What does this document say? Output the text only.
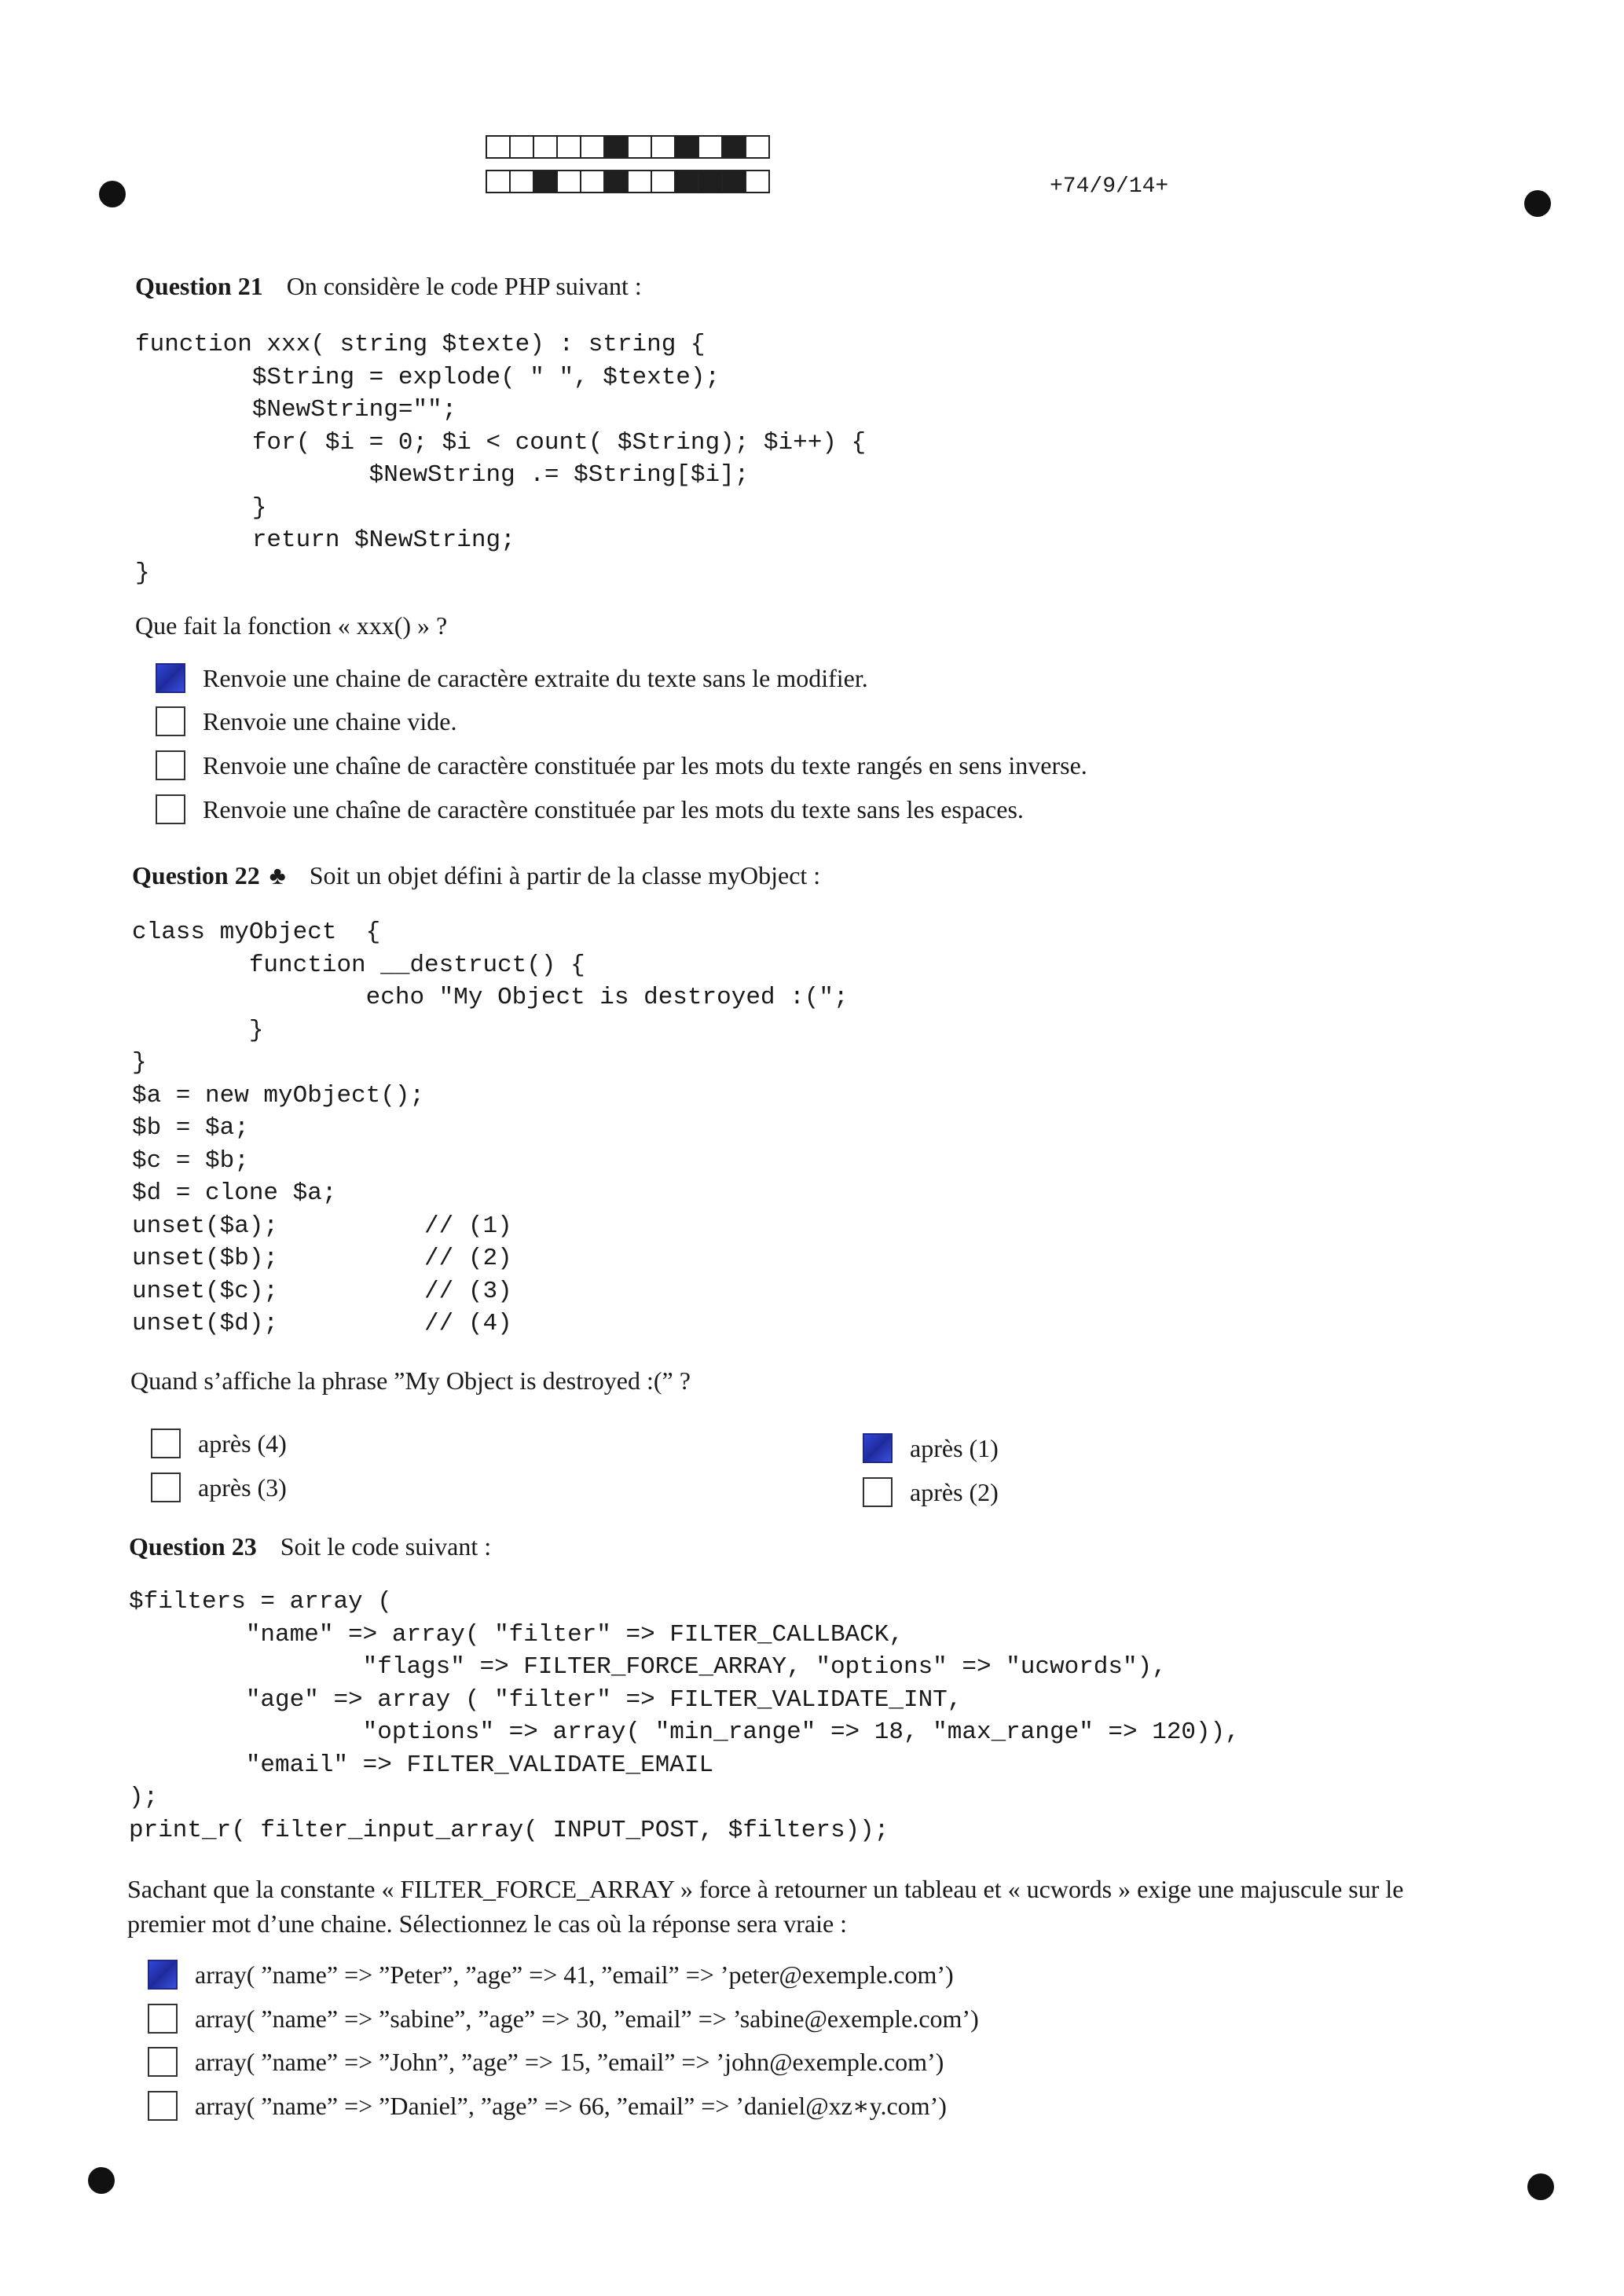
+74/9/14+
Question 21 On considère le code PHP suivant :
function xxx( string $texte) : string {
$String = explode( " ", $texte);
$NewString="";
for( $i = 0; $i < count( $String); $i++) {
$NewString .= $String[$i];
}
return $NewString;
}
Que fait la fonction « xxx() » ?
Renvoie une chaine de caractère extraite du texte sans le modifier.
Renvoie une chaine vide.
Renvoie une chaîne de caractère constituée par les mots du texte rangés en sens inverse.
Renvoie une chaîne de caractère constituée par les mots du texte sans les espaces.
Question 22 ♣ Soit un objet défini à partir de la classe myObject :
class myObject  {
function __destruct() {
echo "My Object is destroyed :(";
}
}
$a = new myObject();
$b = $a;
$c = $b;
$d = clone $a;
unset($a);          // (1)
unset($b);          // (2)
unset($c);          // (3)
unset($d);          // (4)
Quand s’affiche la phrase ”My Object is destroyed :(” ?
après (4)
après (3)
après (1)
après (2)
Question 23 Soit le code suivant :
$filters = array (
"name" => array( "filter" => FILTER_CALLBACK,
"flags" => FILTER_FORCE_ARRAY, "options" => "ucwords"),
"age" => array ( "filter" => FILTER_VALIDATE_INT,
"options" => array( "min_range" => 18, "max_range" => 120)),
"email" => FILTER_VALIDATE_EMAIL
);
print_r( filter_input_array( INPUT_POST, $filters));
Sachant que la constante « FILTER_FORCE_ARRAY » force à retourner un tableau et « ucwords » exige une majuscule sur le
premier mot d’une chaine. Sélectionnez le cas où la réponse sera vraie :
array( ”name” => ”Peter”, ”age” => 41, ”email” => ’peter@exemple.com’)
array( ”name” => ”sabine”, ”age” => 30, ”email” => ’sabine@exemple.com’)
array( ”name” => ”John”, ”age” => 15, ”email” => ’john@exemple.com’)
array( ”name” => ”Daniel”, ”age” => 66, ”email” => ’daniel@xz∗y.com’)
